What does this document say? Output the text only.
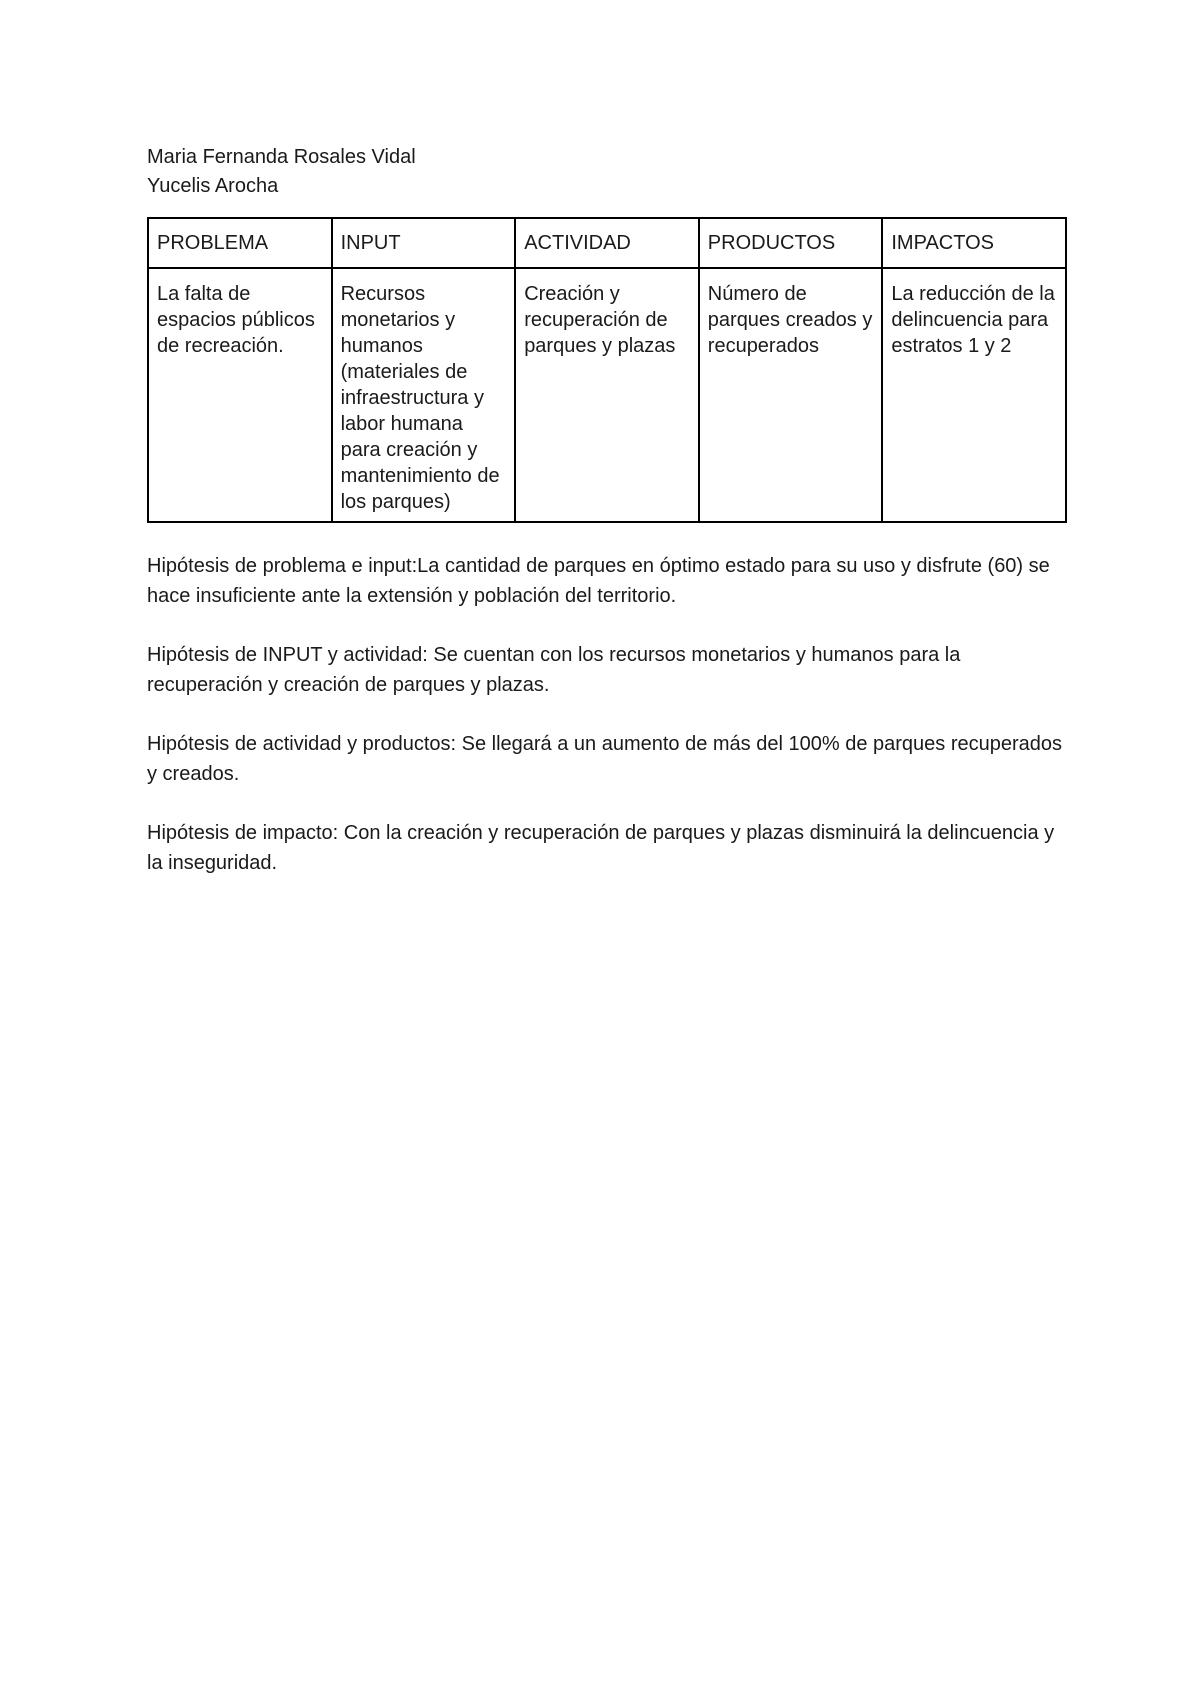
Maria Fernanda Rosales Vidal

Yucelis Arocha

PROBLEMA	INPUT	ACTIVIDAD	PRODUCTOS	IMPACTOS
La falta de espacios públicos de recreación.	Recursos monetarios y humanos (materiales de infraestructura y labor humana para creación y mantenimiento de los parques)	Creación y recuperación de parques y plazas	Número de parques creados y recuperados	La reducción de la delincuencia para estratos 1 y 2

Hipótesis de problema e input:La cantidad de parques en óptimo estado para su uso y disfrute (60) se hace insuficiente ante la extensión y población del territorio.

Hipótesis de INPUT y actividad: Se cuentan con los recursos monetarios y humanos para la recuperación y creación de parques y plazas.

Hipótesis de actividad y productos: Se llegará a un aumento de más del 100% de parques recuperados y creados.

Hipótesis de impacto: Con la creación y recuperación de parques y plazas disminuirá la delincuencia y la inseguridad.
